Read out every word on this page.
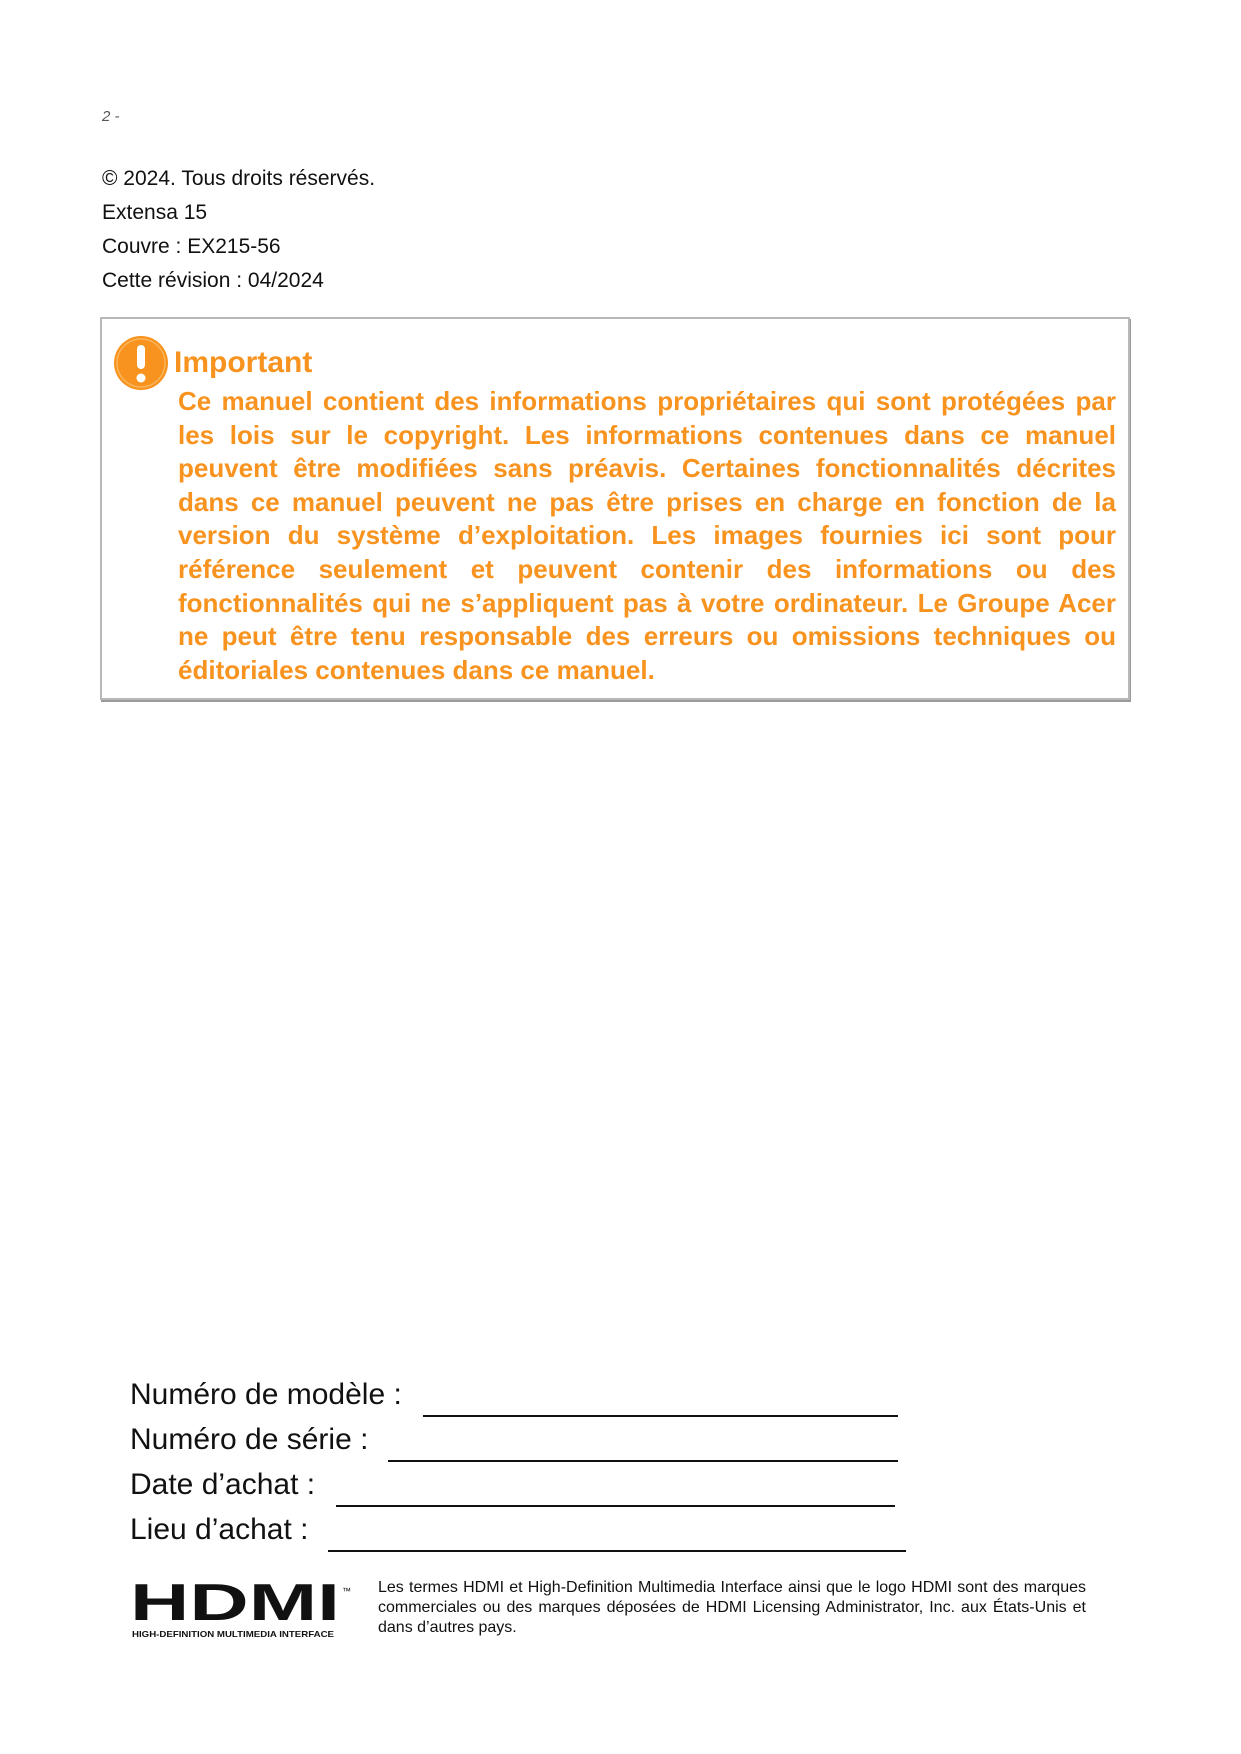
2 -
© 2024. Tous droits réservés.
Extensa 15
Couvre : EX215-56
Cette révision : 04/2024
Important
Ce manuel contient des informations propriétaires qui sont protégées par les lois sur le copyright. Les informations contenues dans ce manuel peuvent être modifiées sans préavis. Certaines fonctionnalités décrites dans ce manuel peuvent ne pas être prises en charge en fonction de la version du système d’exploitation. Les images fournies ici sont pour référence seulement et peuvent contenir des informations ou des fonctionnalités qui ne s’appliquent pas à votre ordinateur. Le Groupe Acer ne peut être tenu responsable des erreurs ou omissions techniques ou éditoriales contenues dans ce manuel.
Numéro de modèle :
Numéro de série :
Date d’achat :
Lieu d’achat :
HDMI ™
HIGH-DEFINITION MULTIMEDIA INTERFACE
Les termes HDMI et High-Definition Multimedia Interface ainsi que le logo HDMI sont des marques commerciales ou des marques déposées de HDMI Licensing Administrator, Inc. aux États-Unis et dans d’autres pays.
